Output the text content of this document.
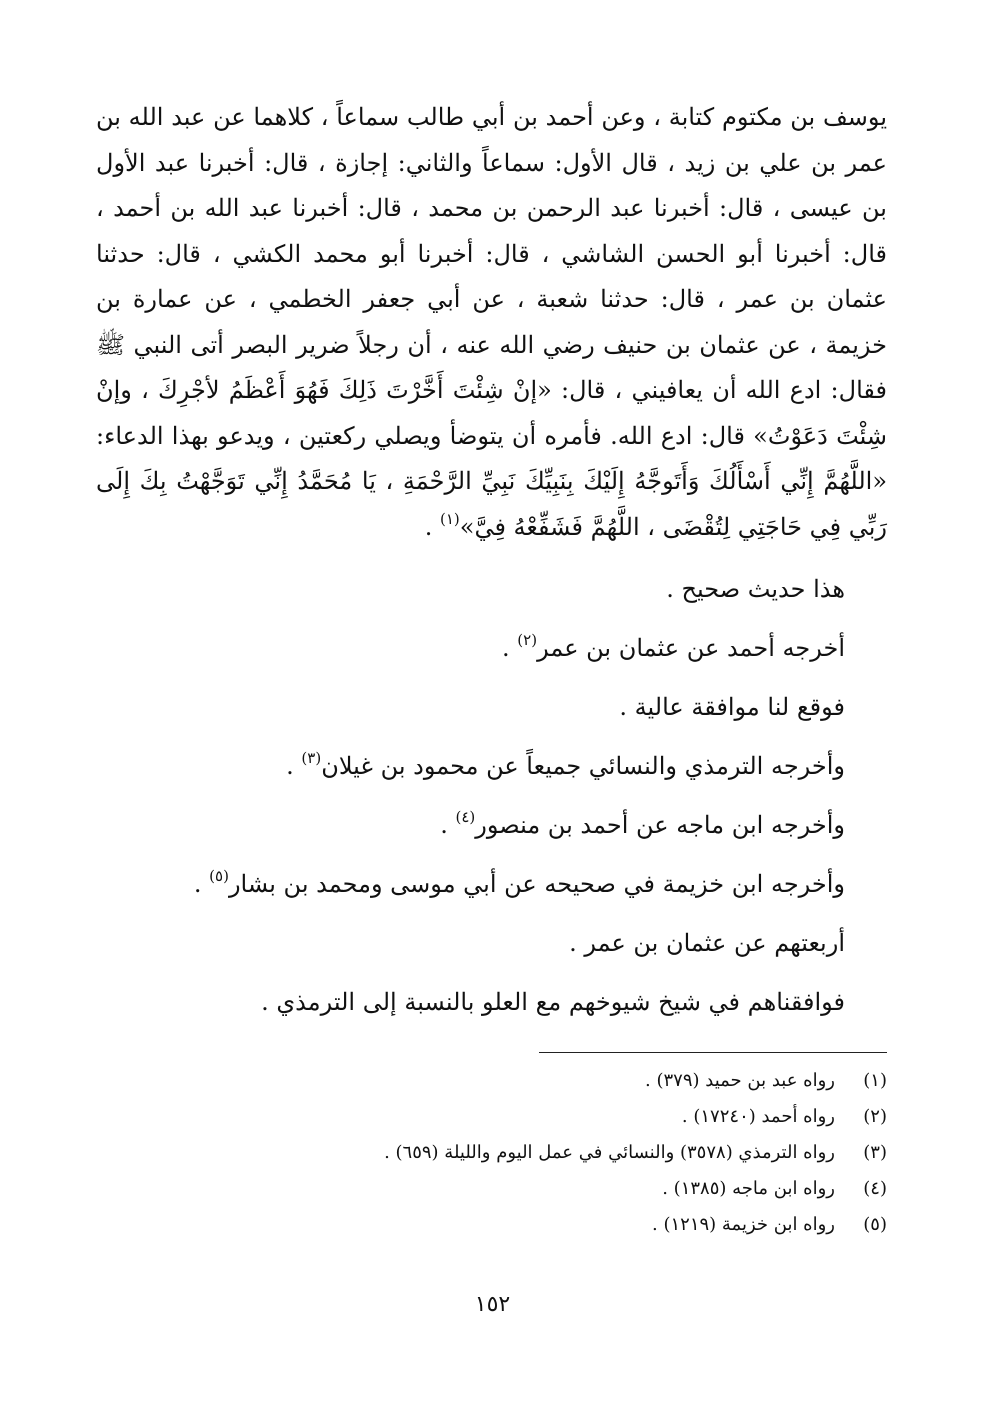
يوسف بن مكتوم كتابة ، وعن أحمد بن أبي طالب سماعاً ، كلاهما عن عبد الله بن عمر بن علي بن زيد ، قال الأول: سماعاً والثاني: إجازة ، قال: أخبرنا عبد الأول بن عيسى ، قال: أخبرنا عبد الرحمن بن محمد ، قال: أخبرنا عبد الله بن أحمد ، قال: أخبرنا أبو الحسن الشاشي ، قال: أخبرنا أبو محمد الكشي ، قال: حدثنا عثمان بن عمر ، قال: حدثنا شعبة ، عن أبي جعفر الخطمي ، عن عمارة بن خزيمة ، عن عثمان بن حنيف رضي الله عنه ، أن رجلاً ضرير البصر أتى النبي ﷺ فقال: ادع الله أن يعافيني ، قال: «إنْ شِئْتَ أَخَّرْتَ ذَلِكَ فَهُوَ أَعْظَمُ لأجْرِكَ ، وإنْ شِئْتَ دَعَوْتُ» قال: ادع الله. فأمره أن يتوضأ ويصلي ركعتين ، ويدعو بهذا الدعاء: «اللَّهُمَّ إِنِّي أَسْأَلُكَ وَأَتَوجَّهُ إِلَيْكَ بِنَبِيِّكَ نَبِيِّ الرَّحْمَةِ ، يَا مُحَمَّدُ إِنِّي تَوَجَّهْتُ بِكَ إِلَى رَبِّي فِي حَاجَتِي لِتُقْضَى ، اللَّهُمَّ فَشَفِّعْهُ فِيَّ»$^{(١)}$ .

هذا حديث صحيح .
أخرجه أحمد عن عثمان بن عمر$^{(٢)}$ .
فوقع لنا موافقة عالية .
وأخرجه الترمذي والنسائي جميعاً عن محمود بن غيلان$^{(٣)}$ .
وأخرجه ابن ماجه عن أحمد بن منصور$^{(٤)}$ .
وأخرجه ابن خزيمة في صحيحه عن أبي موسى ومحمد بن بشار$^{(٥)}$ .
أربعتهم عن عثمان بن عمر .
فوافقناهم في شيخ شيوخهم مع العلو بالنسبة إلى الترمذي .
(١)
رواه عبد بن حميد (٣٧٩) .
(٢)
رواه أحمد (١٧٢٤٠) .
(٣)
رواه الترمذي (٣٥٧٨) والنسائي في عمل اليوم والليلة (٦٥٩) .
(٤)
رواه ابن ماجه (١٣٨٥) .
(٥)
رواه ابن خزيمة (١٢١٩) .
١٥٢
